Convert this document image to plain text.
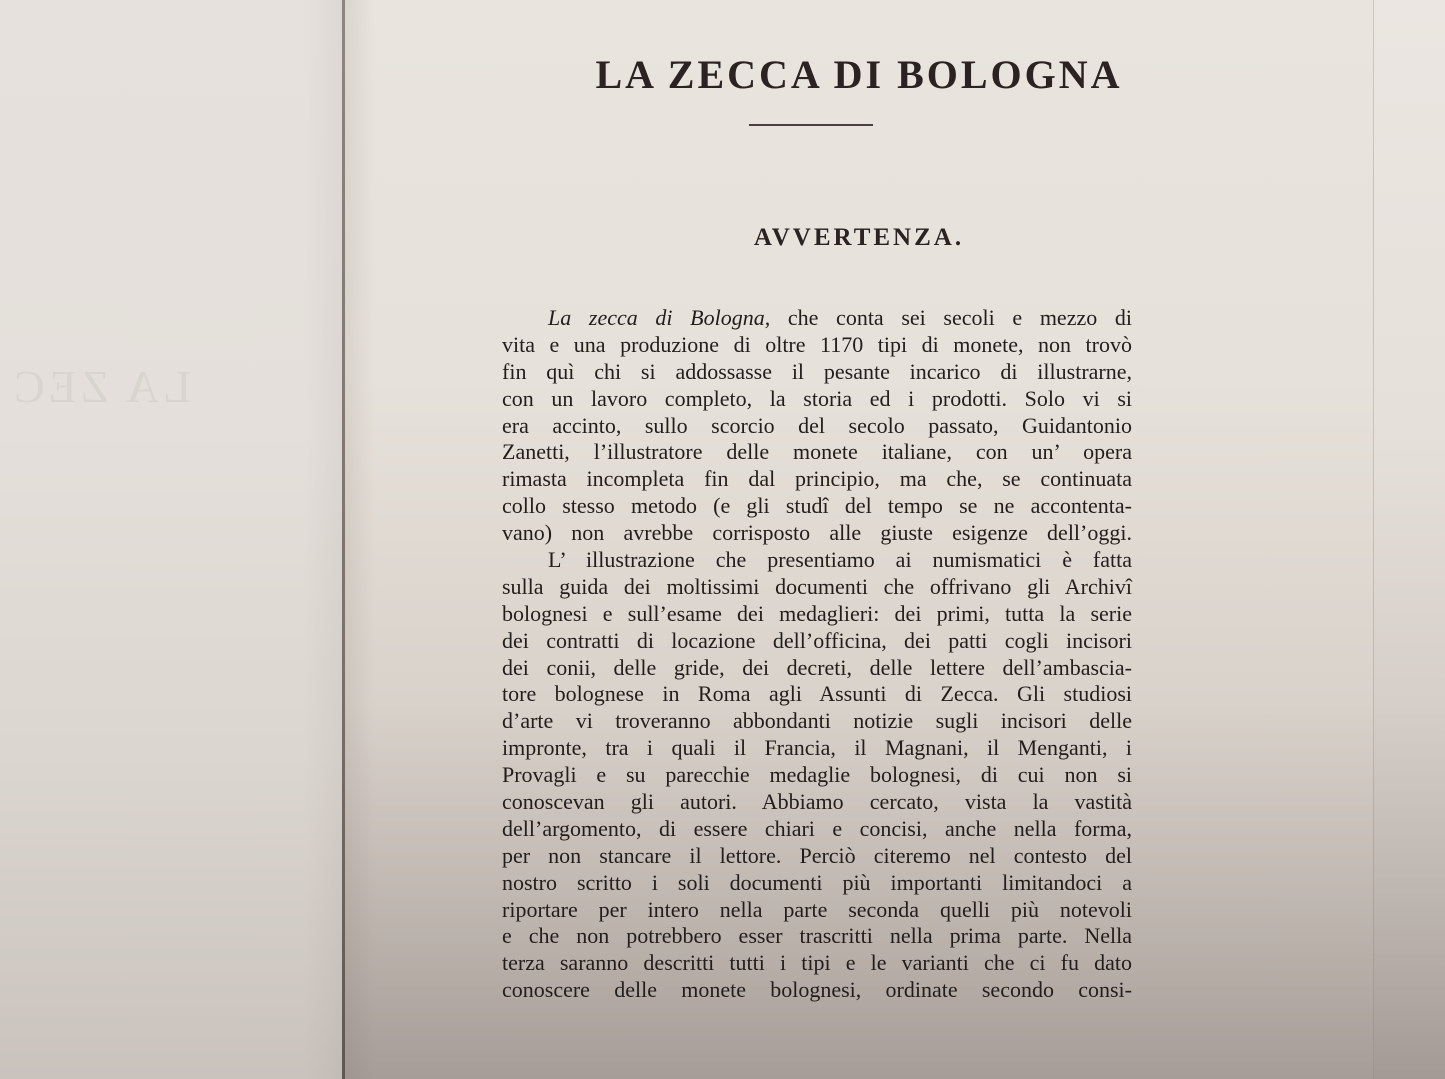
LA ZEC
LA ZECCA DI BOLOGNA
AVVERTENZA.
La zecca di Bologna, che conta sei secoli e mezzo di
vita e una produzione di oltre 1170 tipi di monete, non trovò
fin quì chi si addossasse il pesante incarico di illustrarne,
con un lavoro completo, la storia ed i prodotti. Solo vi si
era accinto, sullo scorcio del secolo passato, Guidantonio
Zanetti, l’illustratore delle monete italiane, con un’ opera
rimasta incompleta fin dal principio, ma che, se continuata
collo stesso metodo (e gli studî del tempo se ne accontenta-
vano) non avrebbe corrisposto alle giuste esigenze dell’oggi.
L’ illustrazione che presentiamo ai numismatici è fatta
sulla guida dei moltissimi documenti che offrivano gli Archivî
bolognesi e sull’esame dei medaglieri: dei primi, tutta la serie
dei contratti di locazione dell’officina, dei patti cogli incisori
dei conii, delle gride, dei decreti, delle lettere dell’ambascia-
tore bolognese in Roma agli Assunti di Zecca. Gli studiosi
d’arte vi troveranno abbondanti notizie sugli incisori delle
impronte, tra i quali il Francia, il Magnani, il Menganti, i
Provagli e su parecchie medaglie bolognesi, di cui non si
conoscevan gli autori. Abbiamo cercato, vista la vastità
dell’argomento, di essere chiari e concisi, anche nella forma,
per non stancare il lettore. Perciò citeremo nel contesto del
nostro scritto i soli documenti più importanti limitandoci a
riportare per intero nella parte seconda quelli più notevoli
e che non potrebbero esser trascritti nella prima parte. Nella
terza saranno descritti tutti i tipi e le varianti che ci fu dato
conoscere delle monete bolognesi, ordinate secondo consi-
